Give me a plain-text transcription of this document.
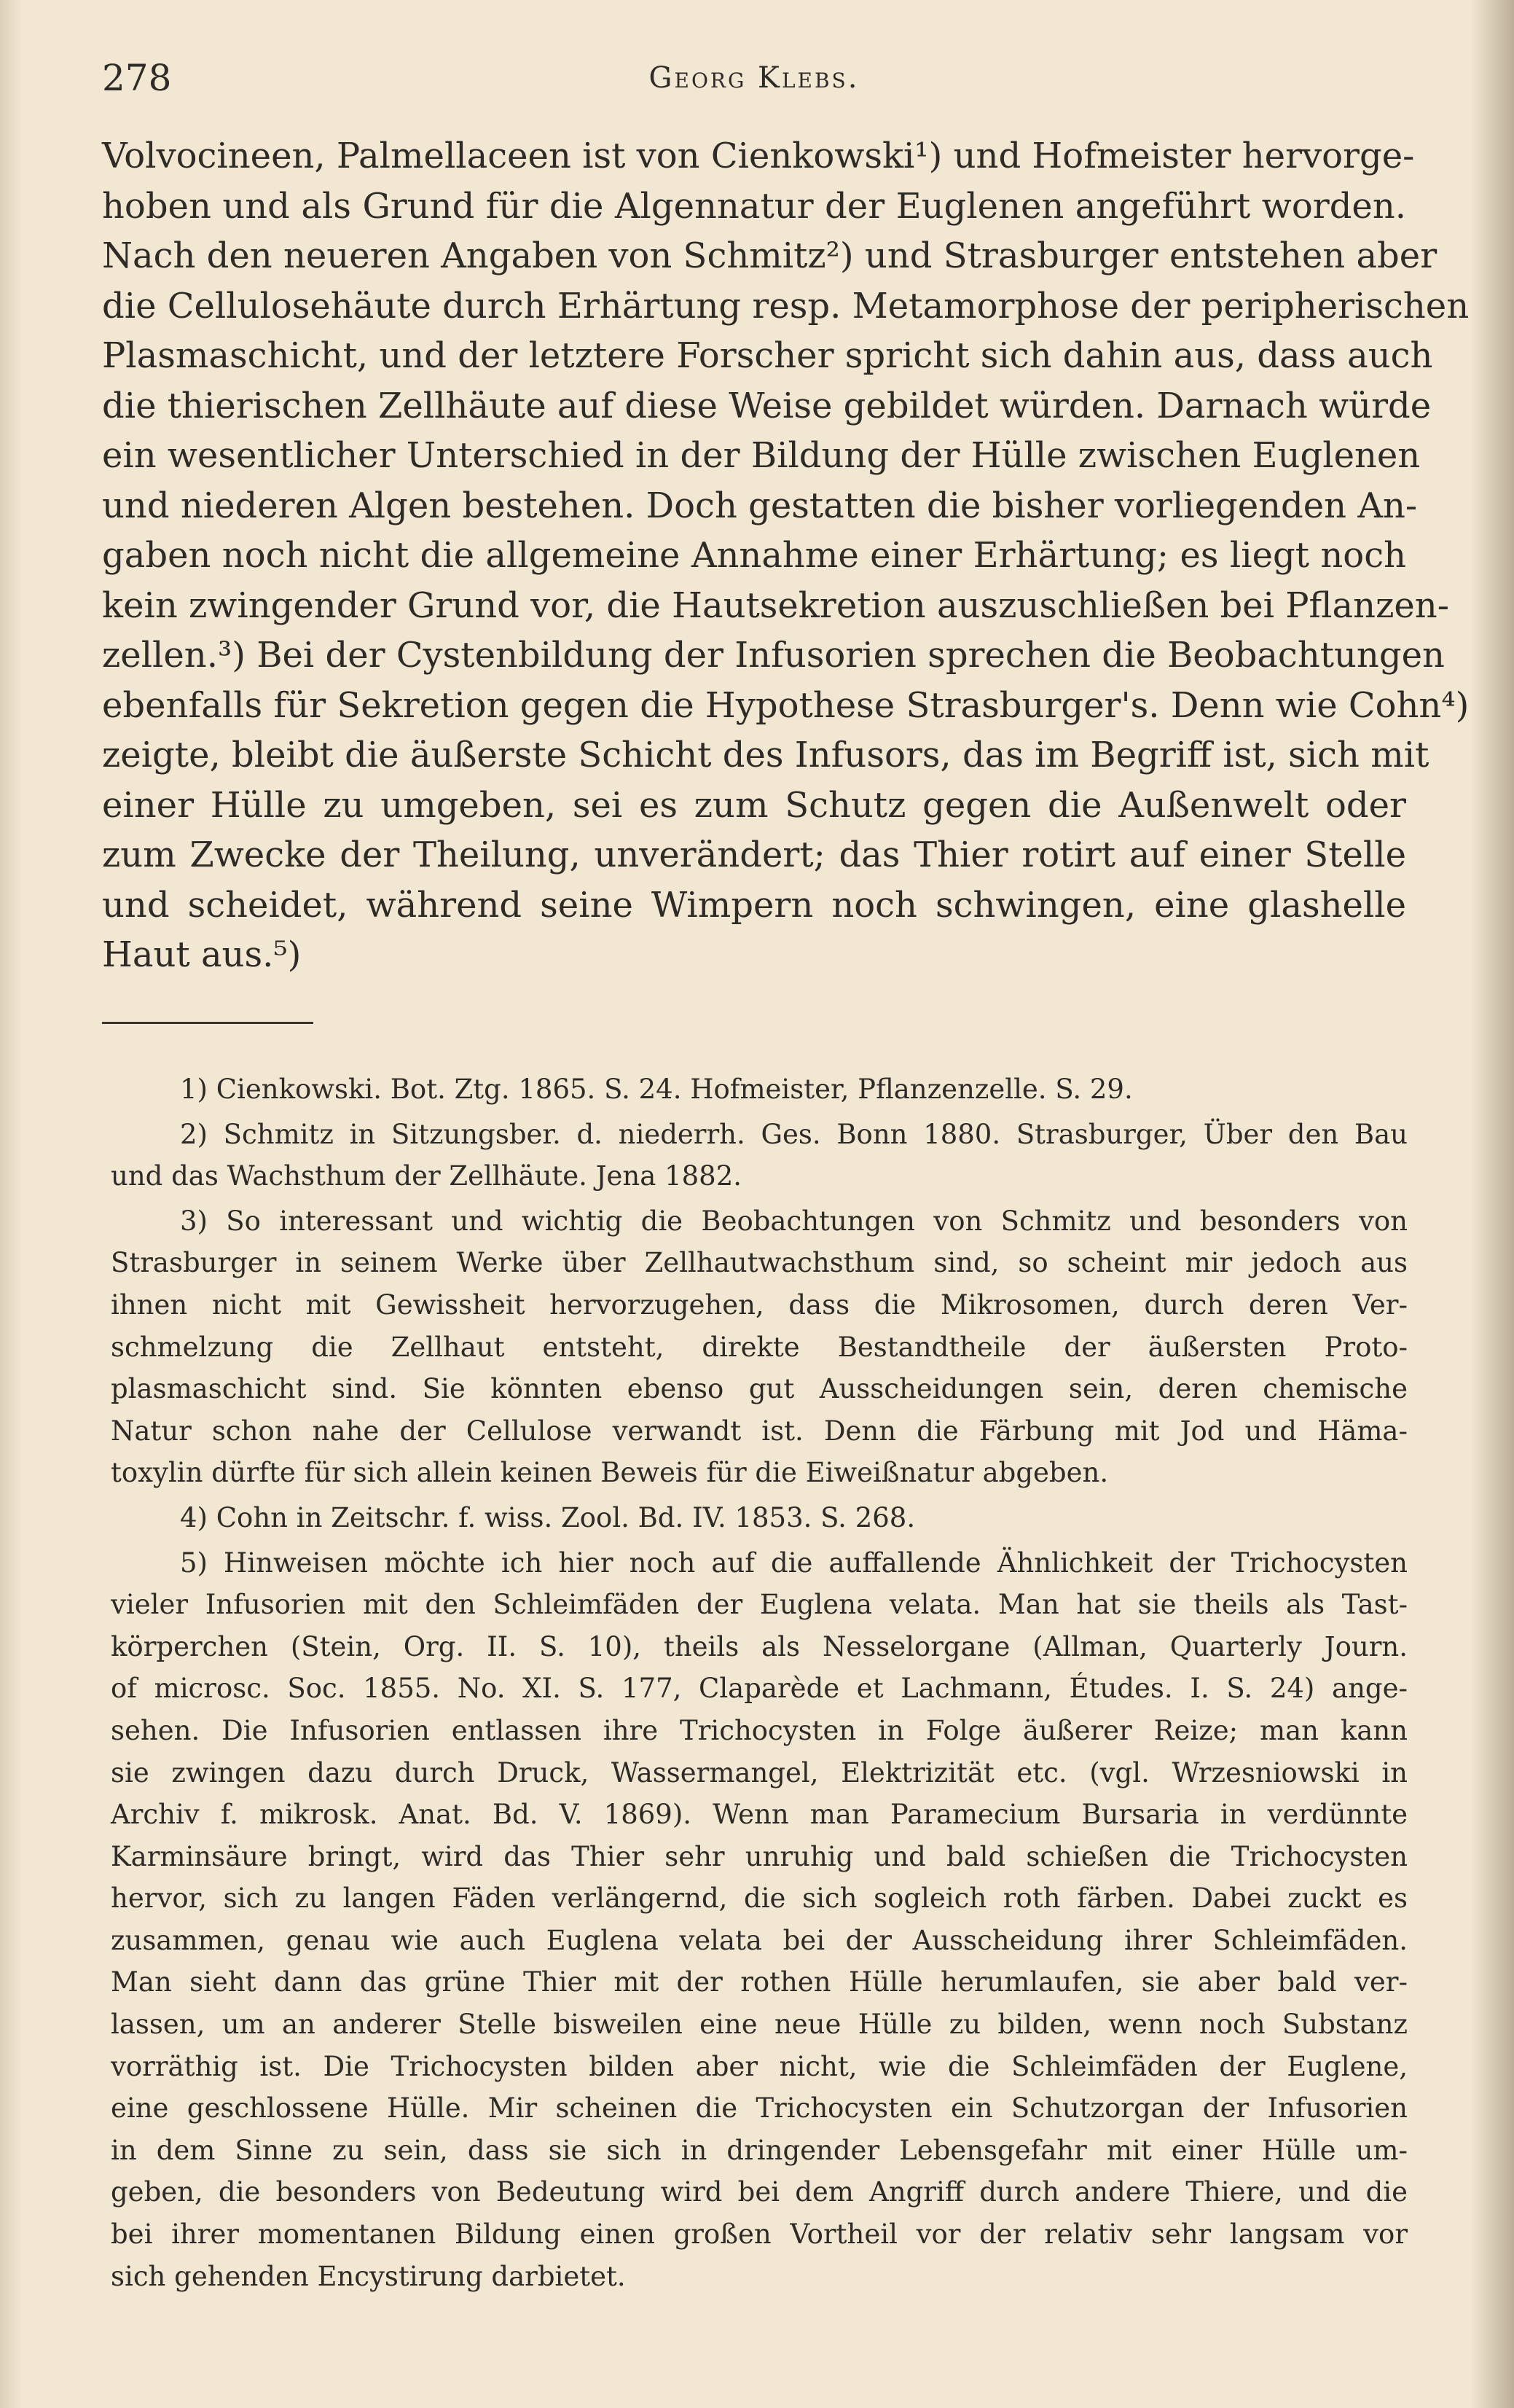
278	Georg Klebs.
Volvocineen, Palmellaceen ist von Cienkowski¹) und Hofmeister hervorge-
hoben und als Grund für die Algennatur der Euglenen angeführt worden.
Nach den neueren Angaben von Schmitz²) und Strasburger entstehen aber
die Cellulosehäute durch Erhärtung resp. Metamorphose der peripherischen
Plasmaschicht, und der letztere Forscher spricht sich dahin aus, dass auch
die thierischen Zellhäute auf diese Weise gebildet würden. Darnach würde
ein wesentlicher Unterschied in der Bildung der Hülle zwischen Euglenen
und niederen Algen bestehen. Doch gestatten die bisher vorliegenden An-
gaben noch nicht die allgemeine Annahme einer Erhärtung; es liegt noch
kein zwingender Grund vor, die Hautsekretion auszuschließen bei Pflanzen-
zellen.³) Bei der Cystenbildung der Infusorien sprechen die Beobachtungen
ebenfalls für Sekretion gegen die Hypothese Strasburger's. Denn wie Cohn⁴)
zeigte, bleibt die äußerste Schicht des Infusors, das im Begriff ist, sich mit
einer Hülle zu umgeben, sei es zum Schutz gegen die Außenwelt oder
zum Zwecke der Theilung, unverändert; das Thier rotirt auf einer Stelle
und scheidet, während seine Wimpern noch schwingen, eine glashelle
Haut aus.⁵)
1) Cienkowski. Bot. Ztg. 1865. S. 24. Hofmeister, Pflanzenzelle. S. 29.
2) Schmitz in Sitzungsber. d. niederrh. Ges. Bonn 1880. Strasburger, Über den Bau
und das Wachsthum der Zellhäute. Jena 1882.
3) So interessant und wichtig die Beobachtungen von Schmitz und besonders von
Strasburger in seinem Werke über Zellhautwachsthum sind, so scheint mir jedoch aus
ihnen nicht mit Gewissheit hervorzugehen, dass die Mikrosomen, durch deren Ver-
schmelzung die Zellhaut entsteht, direkte Bestandtheile der äußersten Proto-
plasmaschicht sind. Sie könnten ebenso gut Ausscheidungen sein, deren chemische
Natur schon nahe der Cellulose verwandt ist. Denn die Färbung mit Jod und Häma-
toxylin dürfte für sich allein keinen Beweis für die Eiweißnatur abgeben.
4) Cohn in Zeitschr. f. wiss. Zool. Bd. IV. 1853. S. 268.
5) Hinweisen möchte ich hier noch auf die auffallende Ähnlichkeit der Trichocysten
vieler Infusorien mit den Schleimfäden der Euglena velata. Man hat sie theils als Tast-
körperchen (Stein, Org. II. S. 10), theils als Nesselorgane (Allman, Quarterly Journ.
of microsc. Soc. 1855. No. XI. S. 177, Claparède et Lachmann, Études. I. S. 24) ange-
sehen. Die Infusorien entlassen ihre Trichocysten in Folge äußerer Reize; man kann
sie zwingen dazu durch Druck, Wassermangel, Elektrizität etc. (vgl. Wrzesniowski in
Archiv f. mikrosk. Anat. Bd. V. 1869). Wenn man Paramecium Bursaria in verdünnte
Karminsäure bringt, wird das Thier sehr unruhig und bald schießen die Trichocysten
hervor, sich zu langen Fäden verlängernd, die sich sogleich roth färben. Dabei zuckt es
zusammen, genau wie auch Euglena velata bei der Ausscheidung ihrer Schleimfäden.
Man sieht dann das grüne Thier mit der rothen Hülle herumlaufen, sie aber bald ver-
lassen, um an anderer Stelle bisweilen eine neue Hülle zu bilden, wenn noch Substanz
vorräthig ist. Die Trichocysten bilden aber nicht, wie die Schleimfäden der Euglene,
eine geschlossene Hülle. Mir scheinen die Trichocysten ein Schutzorgan der Infusorien
in dem Sinne zu sein, dass sie sich in dringender Lebensgefahr mit einer Hülle um-
geben, die besonders von Bedeutung wird bei dem Angriff durch andere Thiere, und die
bei ihrer momentanen Bildung einen großen Vortheil vor der relativ sehr langsam vor
sich gehenden Encystirung darbietet.
